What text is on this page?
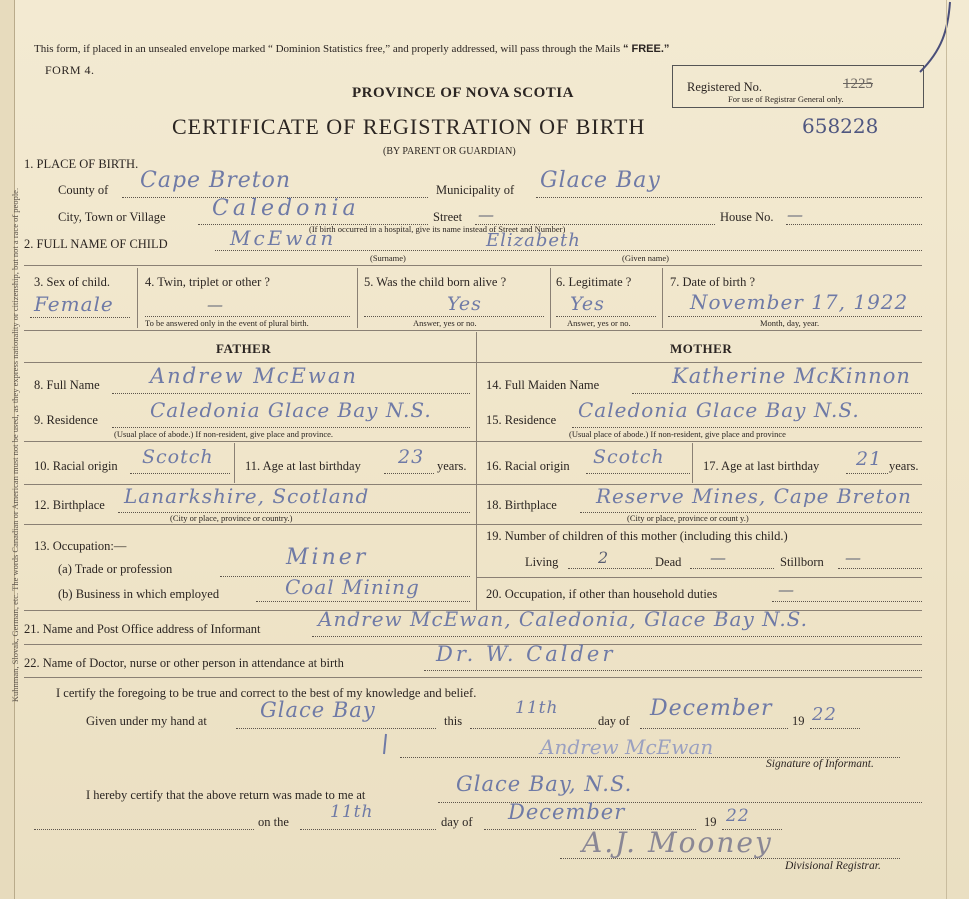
Kuhnman, Slovak, German, etc. The words Canadian or American must not be used, as they express nationality or citizenship, but not a race of people.
This form, if placed in an unsealed envelope marked “ Dominion Statistics free,” and properly addressed, will pass through the Mails “ FREE.”
FORM 4.
PROVINCE OF NOVA SCOTIA	Registered No.	1225
For use of Registrar General only.
CERTIFICATE OF REGISTRATION OF BIRTH	658228
(BY PARENT OR GUARDIAN)
1. PLACE OF BIRTH.
County of Cape Breton	Municipality of Glace Bay
City, Town or Village Caledonia	Street —
(If birth occurred in a hospital, give its name instead of Street and Number)
House No. —
2. FULL NAME OF CHILD	McEwan	Elizabeth
(Surname)	(Given name)
3. Sex of child.
Female
4. Twin, triplet or other ?
—
To be answered only in the event of plural birth.
5. Was the child born alive ?
Yes
Answer, yes or no.
6. Legitimate ?
Yes
Answer, yes or no.
7. Date of birth ?
November 17, 1922
Month, day, year.
FATHER	MOTHER
8. Full Name Andrew McEwan	14. Full Maiden Name	Katherine McKinnon
9. Residence	Caledonia Glace Bay N.S.
(Usual place of abode.) If non-resident, give place and province.
15. Residence Caledonia Glace Bay N.S.
(Usual place of abode.) If non-resident, give place and province
10. Racial origin Scotch	11. Age at last birthday 23 years. 16. Racial origin Scotch	17. Age at last birthday 21 years.
12. Birthplace Lanarkshire, Scotland
(City or place, province or country.)
18. Birthplace Reserve Mines, Cape Breton
(City or place, province or count y.)
13. Occupation:—
(a) Trade or profession	Miner
19. Number of children of this mother (including this child.)
Living 2	Dead —	Stillborn —
(b) Business in which employed	Coal Mining	20. Occupation, if other than household duties	—
21. Name and Post Office address of Informant	Andrew McEwan, Caledonia, Glace Bay N.S.
22. Name of Doctor, nurse or other person in attendance at birth	Dr. W. Calder
I certify the foregoing to be true and correct to the best of my knowledge and belief.
Given under my hand at	Glace Bay	this
11th
day of December 19 22
Andrew McEwan
Signature of Informant.
I hereby certify that the above return was made to me at	Glace Bay, N.S.
on the 11th	day of December	19 22
A.J. Mooney
Divisional Registrar.
